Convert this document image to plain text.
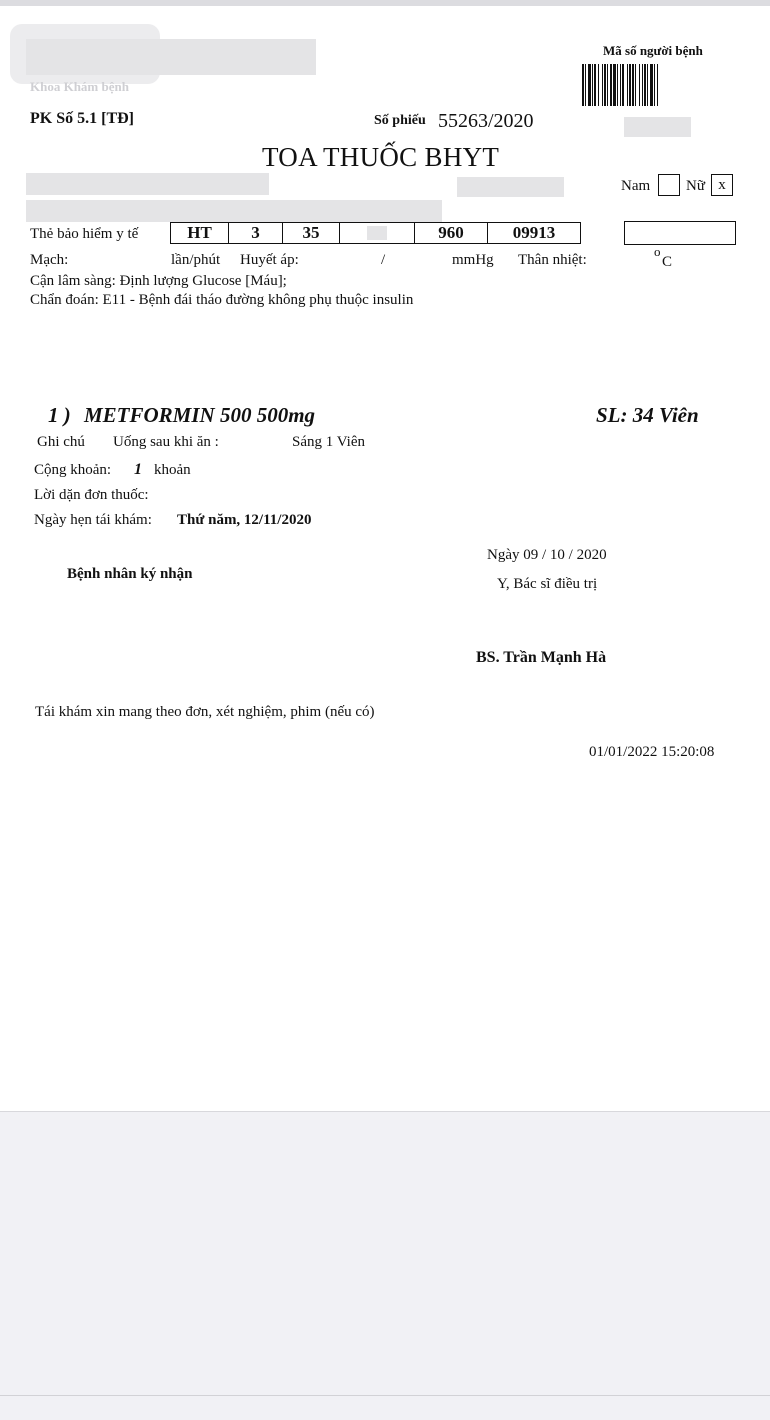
Khoa Khám bệnh
Mã số người bệnh
PK Số 5.1 [TĐ]	Số phiếu 55263/2020
TOA THUỐC BHYT
Nam Nữ x
Thẻ bảo hiểm y tế	HT	3	35	960	09913
Mạch:	lần/phút Huyết áp:	/	mmHg Thân nhiệt:
o
C
Cận lâm sàng: Định lượng Glucose [Máu];
Chẩn đoán: E11 - Bệnh đái tháo đường không phụ thuộc insulin
1 ) METFORMIN 500 500mg	SL: 34 Viên
Ghi chú Uống sau khi ăn :	Sáng 1 Viên
Cộng khoản: 1 khoản
Lời dặn đơn thuốc:
Ngày hẹn tái khám: Thứ năm, 12/11/2020
Ngày 09 / 10 / 2020
Y, Bác sĩ điều trị
Bệnh nhân ký nhận
BS. Trần Mạnh Hà
Tái khám xin mang theo đơn, xét nghiệm, phim (nếu có)
01/01/2022 15:20:08
